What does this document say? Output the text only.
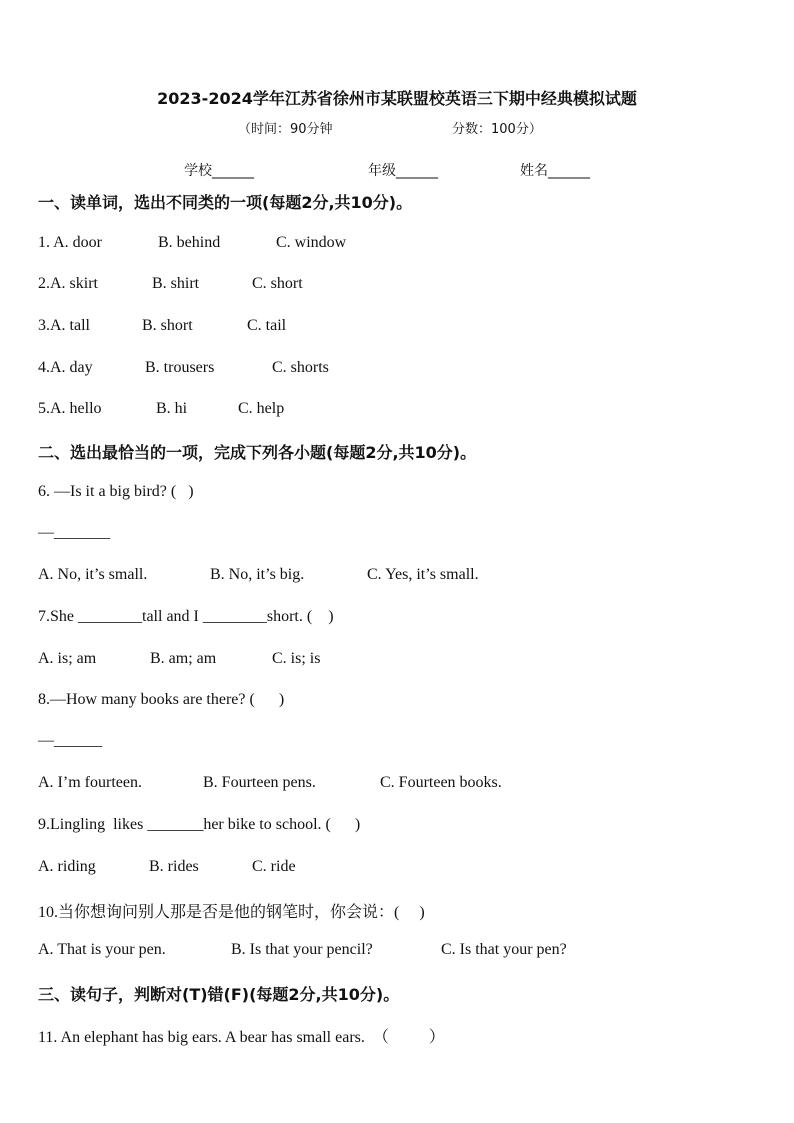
2023-2024学年江苏省徐州市某联盟校英语三下期中经典模拟试题
（时间：90分钟	分数：100分）
学校______	年级______	姓名______
一、读单词，选出不同类的一项(每题2分,共10分)。
1. A. door	B. behind	C. window
2.A. skirt	B. shirt	C. short
3.A. tall	B. short	C. tail
4.A. day	B. trousers	C. shorts
5.A. hello	B. hi	C. help
二、选出最恰当的一项，完成下列各小题(每题2分,共10分)。
6. —Is it a big bird? (   )
—_______
A. No, it’s small.	B. No, it’s big.	C. Yes, it’s small.
7.She ________tall and I ________short. (    )
A. is; am	B. am; am	C. is; is
8.—How many books are there? (      )
—______
A. I’m fourteen.	B. Fourteen pens.	C. Fourteen books.
9.Lingling  likes _______her bike to school. (      )
A. riding	B. rides	C. ride
10.当你想询问别人那是否是他的钢笔时，你会说：(     )
A. That is your pen.	B. Is that your pencil?	C. Is that your pen?
三、读句子，判断对(T)错(F)(每题2分,共10分)。
11. An elephant has big ears. A bear has small ears.  （          ）
